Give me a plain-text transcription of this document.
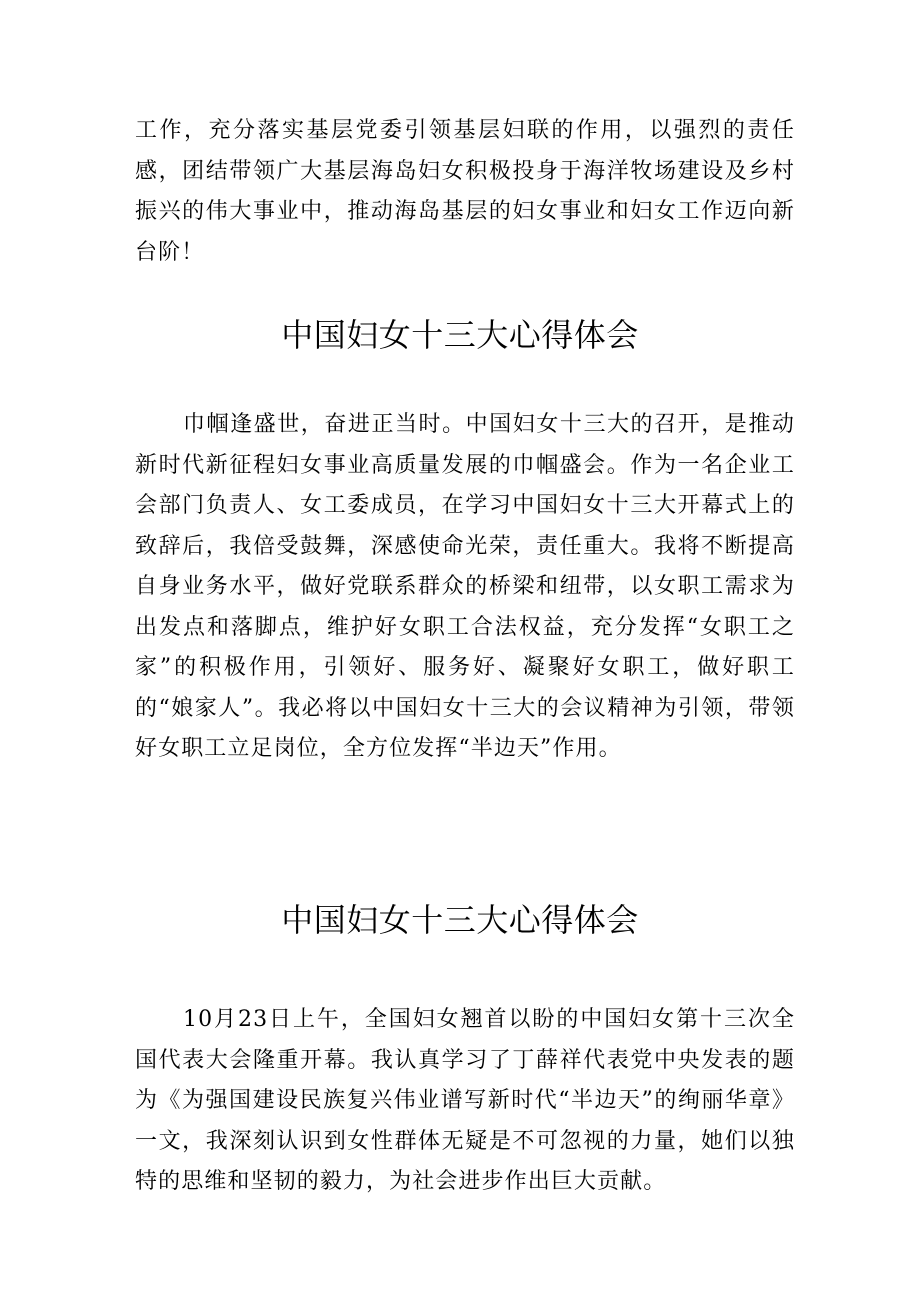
工作，充分落实基层党委引领基层妇联的作用，以强烈的责任感，团结带领广大基层海岛妇女积极投身于海洋牧场建设及乡村振兴的伟大事业中，推动海岛基层的妇女事业和妇女工作迈向新台阶！

中国妇女十三大心得体会

巾帼逢盛世，奋进正当时。中国妇女十三大的召开，是推动新时代新征程妇女事业高质量发展的巾帼盛会。作为一名企业工会部门负责人、女工委成员，在学习中国妇女十三大开幕式上的致辞后，我倍受鼓舞，深感使命光荣，责任重大。我将不断提高自身业务水平，做好党联系群众的桥梁和纽带，以女职工需求为出发点和落脚点，维护好女职工合法权益，充分发挥“女职工之家”的积极作用，引领好、服务好、凝聚好女职工，做好职工的“娘家人”。我必将以中国妇女十三大的会议精神为引领，带领好女职工立足岗位，全方位发挥“半边天”作用。

中国妇女十三大心得体会

10月23日上午，全国妇女翘首以盼的中国妇女第十三次全国代表大会隆重开幕。我认真学习了丁薛祥代表党中央发表的题为《为强国建设民族复兴伟业谱写新时代“半边天”的绚丽华章》一文，我深刻认识到女性群体无疑是不可忽视的力量，她们以独特的思维和坚韧的毅力，为社会进步作出巨大贡献。
